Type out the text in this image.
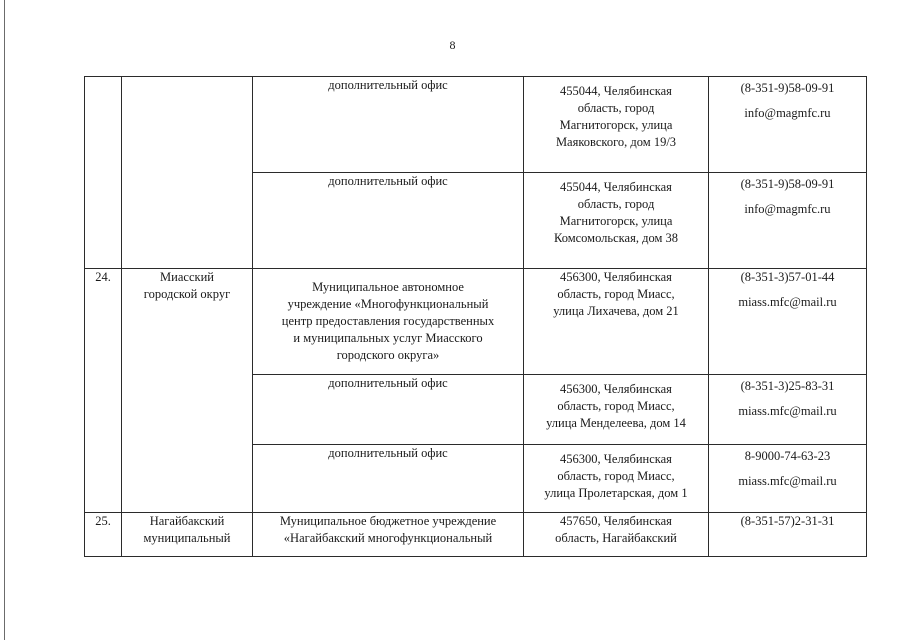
8
		дополнительный офис	455044, Челябинская
область, город
Магнитогорск, улица
Маяковского, дом 19/3	(8-351-9)58-09-91
info@magmfc.ru

		дополнительный офис	455044, Челябинская
область, город
Магнитогорск, улица
Комсомольская, дом 38	(8-351-9)58-09-91
info@magmfc.ru

24.	Миасский
городской округ	Муниципальное автономное
учреждение «Многофункциональный
центр предоставления государственных
и муниципальных услуг Миасского
городского округа»	456300, Челябинская
область, город Миасс,
улица Лихачева, дом 21	(8-351-3)57-01-44
miass.mfc@mail.ru

		дополнительный офис	456300, Челябинская
область, город Миасс,
улица Менделеева, дом 14	(8-351-3)25-83-31
miass.mfc@mail.ru

		дополнительный офис	456300, Челябинская
область, город Миасс,
улица Пролетарская, дом 1	8-9000-74-63-23
miass.mfc@mail.ru

25.	Нагайбакский
муниципальный	Муниципальное бюджетное учреждение
«Нагайбакский многофункциональный	457650, Челябинская
область, Нагайбакский	(8-351-57)2-31-31
